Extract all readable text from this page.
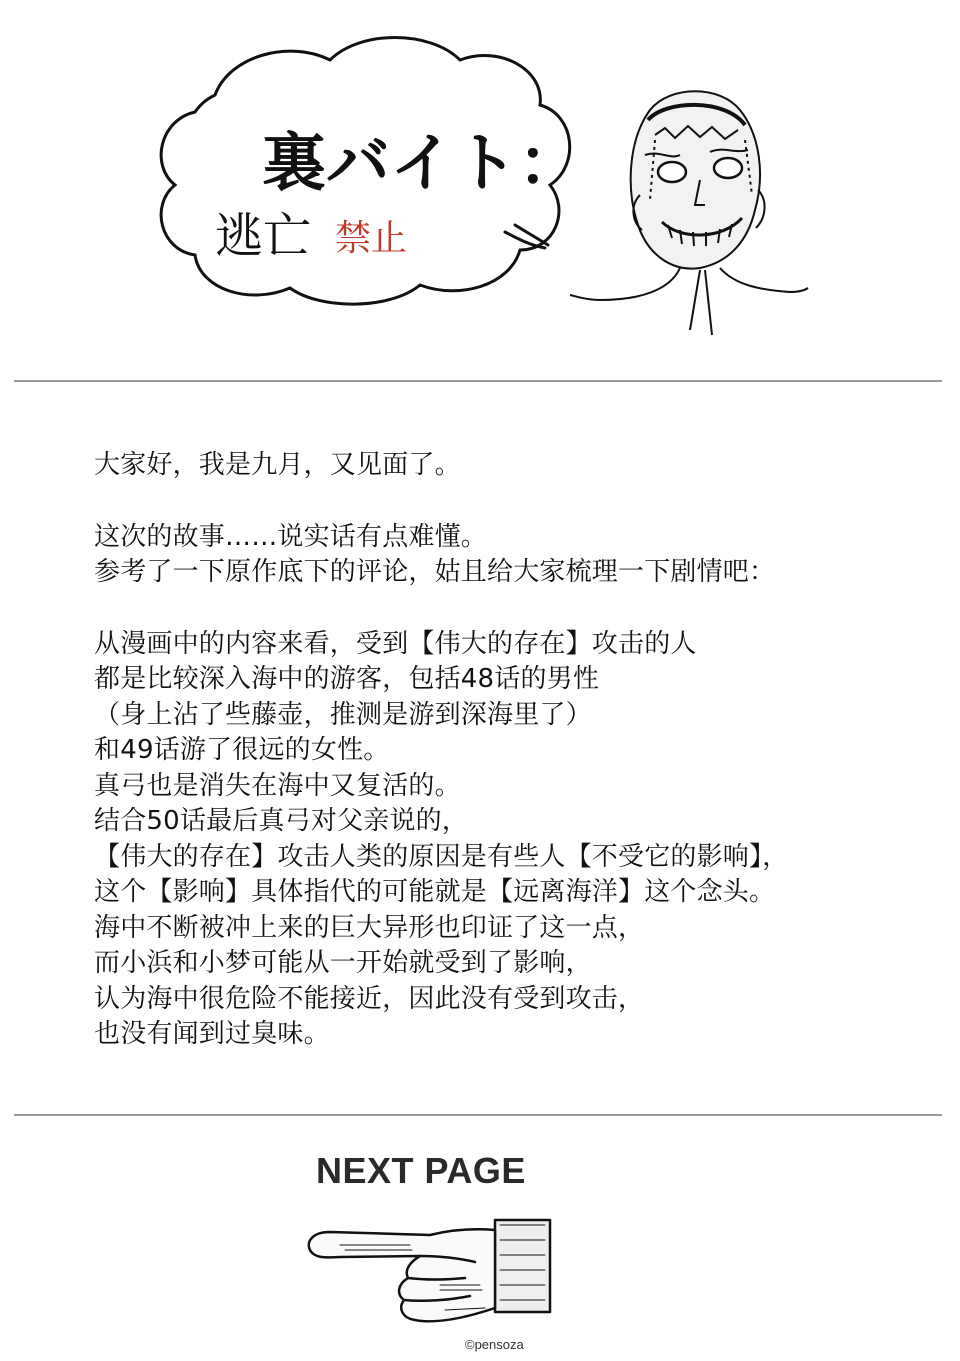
裏バイト：
逃亡 禁止
大家好，我是九月，又见面了。
这次的故事……说实话有点难懂。
参考了一下原作底下的评论，姑且给大家梳理一下剧情吧：
从漫画中的内容来看，受到【伟大的存在】攻击的人
都是比较深入海中的游客，包括48话的男性
（身上沾了些藤壶，推测是游到深海里了）
和49话游了很远的女性。
真弓也是消失在海中又复活的。
结合50话最后真弓对父亲说的，
【伟大的存在】攻击人类的原因是有些人【不受它的影响】，
这个【影响】具体指代的可能就是【远离海洋】这个念头。
海中不断被冲上来的巨大异形也印证了这一点，
而小浜和小梦可能从一开始就受到了影响，
认为海中很危险不能接近，因此没有受到攻击，
也没有闻到过臭味。
NEXT PAGE
©pensoza
